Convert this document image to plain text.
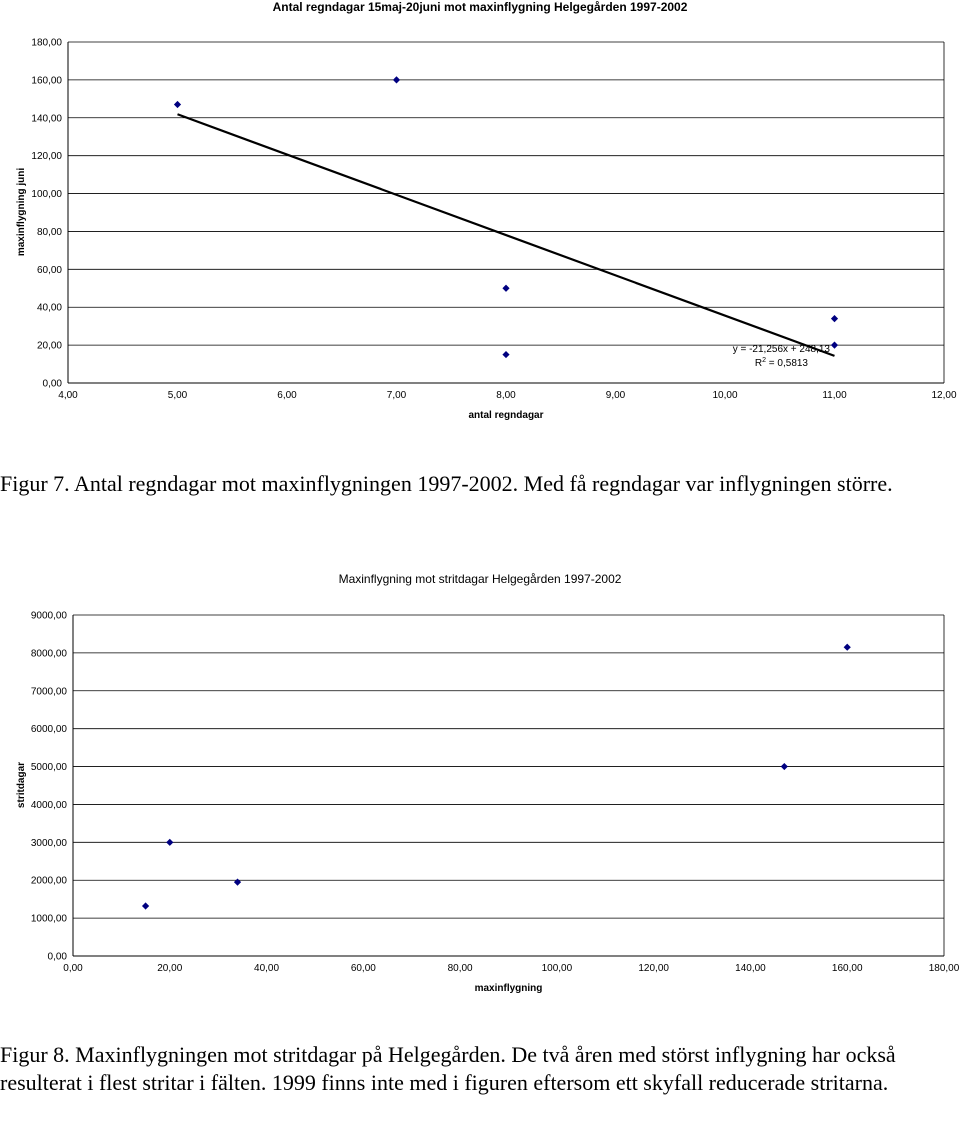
Antal regndagar 15maj-20juni mot maxinflygning Helgegården 1997-2002
0,00
20,00
40,00
60,00
80,00
100,00
120,00
140,00
160,00
180,00
4,00	5,00	6,00	7,00	8,00	9,00	10,00	11,00	12,00
antal regndagar
maxinflygning juni
y = -21,256x + 248,13
$R^2 = 0,5813$

Figur 7. Antal regndagar mot maxinflygningen 1997-2002. Med få regndagar var inflygningen större.

Maxinflygning mot stritdagar Helgegården 1997-2002
0,00
1000,00
2000,00
3000,00
4000,00
5000,00
6000,00
7000,00
8000,00
9000,00
0,00	20,00	40,00	60,00	80,00	100,00	120,00	140,00	160,00	180,00
maxinflygning
stritdagar

Figur 8. Maxinflygningen mot stritdagar på Helgegården. De två åren med störst inflygning har också resulterat i flest stritar i fälten. 1999 finns inte med i figuren eftersom ett skyfall reducerade stritarna.
